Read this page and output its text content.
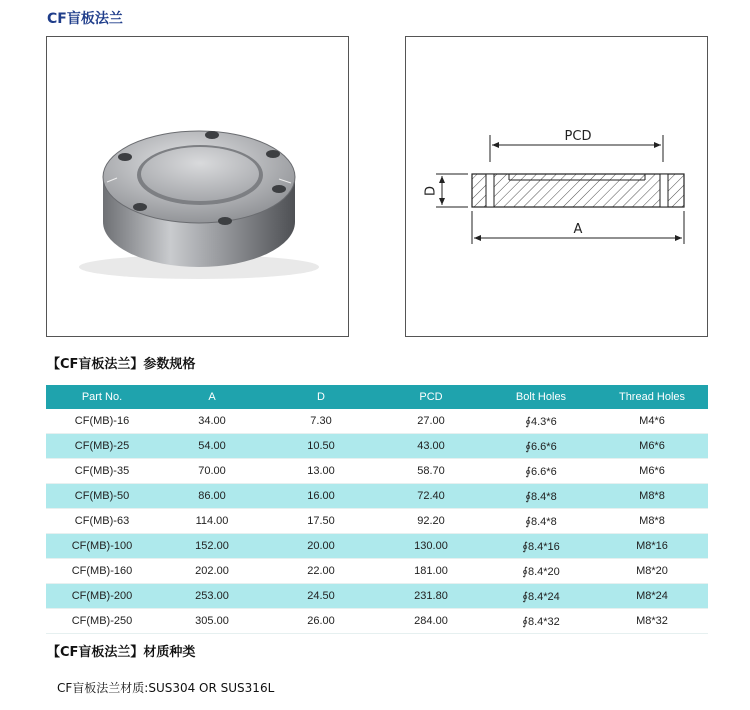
CF盲板法兰
PCD
D
A
【CF盲板法兰】参数规格
Part No.	A	D	PCD	Bolt Holes	Thread Holes
CF(MB)-16	34.00	7.30	27.00	∮4.3*6	M4*6
CF(MB)-25	54.00	10.50	43.00	∮6.6*6	M6*6
CF(MB)-35	70.00	13.00	58.70	∮6.6*6	M6*6
CF(MB)-50	86.00	16.00	72.40	∮8.4*8	M8*8
CF(MB)-63	114.00	17.50	92.20	∮8.4*8	M8*8
CF(MB)-100	152.00	20.00	130.00	∮8.4*16	M8*16
CF(MB)-160	202.00	22.00	181.00	∮8.4*20	M8*20
CF(MB)-200	253.00	24.50	231.80	∮8.4*24	M8*24
CF(MB)-250	305.00	26.00	284.00	∮8.4*32	M8*32
【CF盲板法兰】材质种类
CF盲板法兰材质:SUS304 OR SUS316L
